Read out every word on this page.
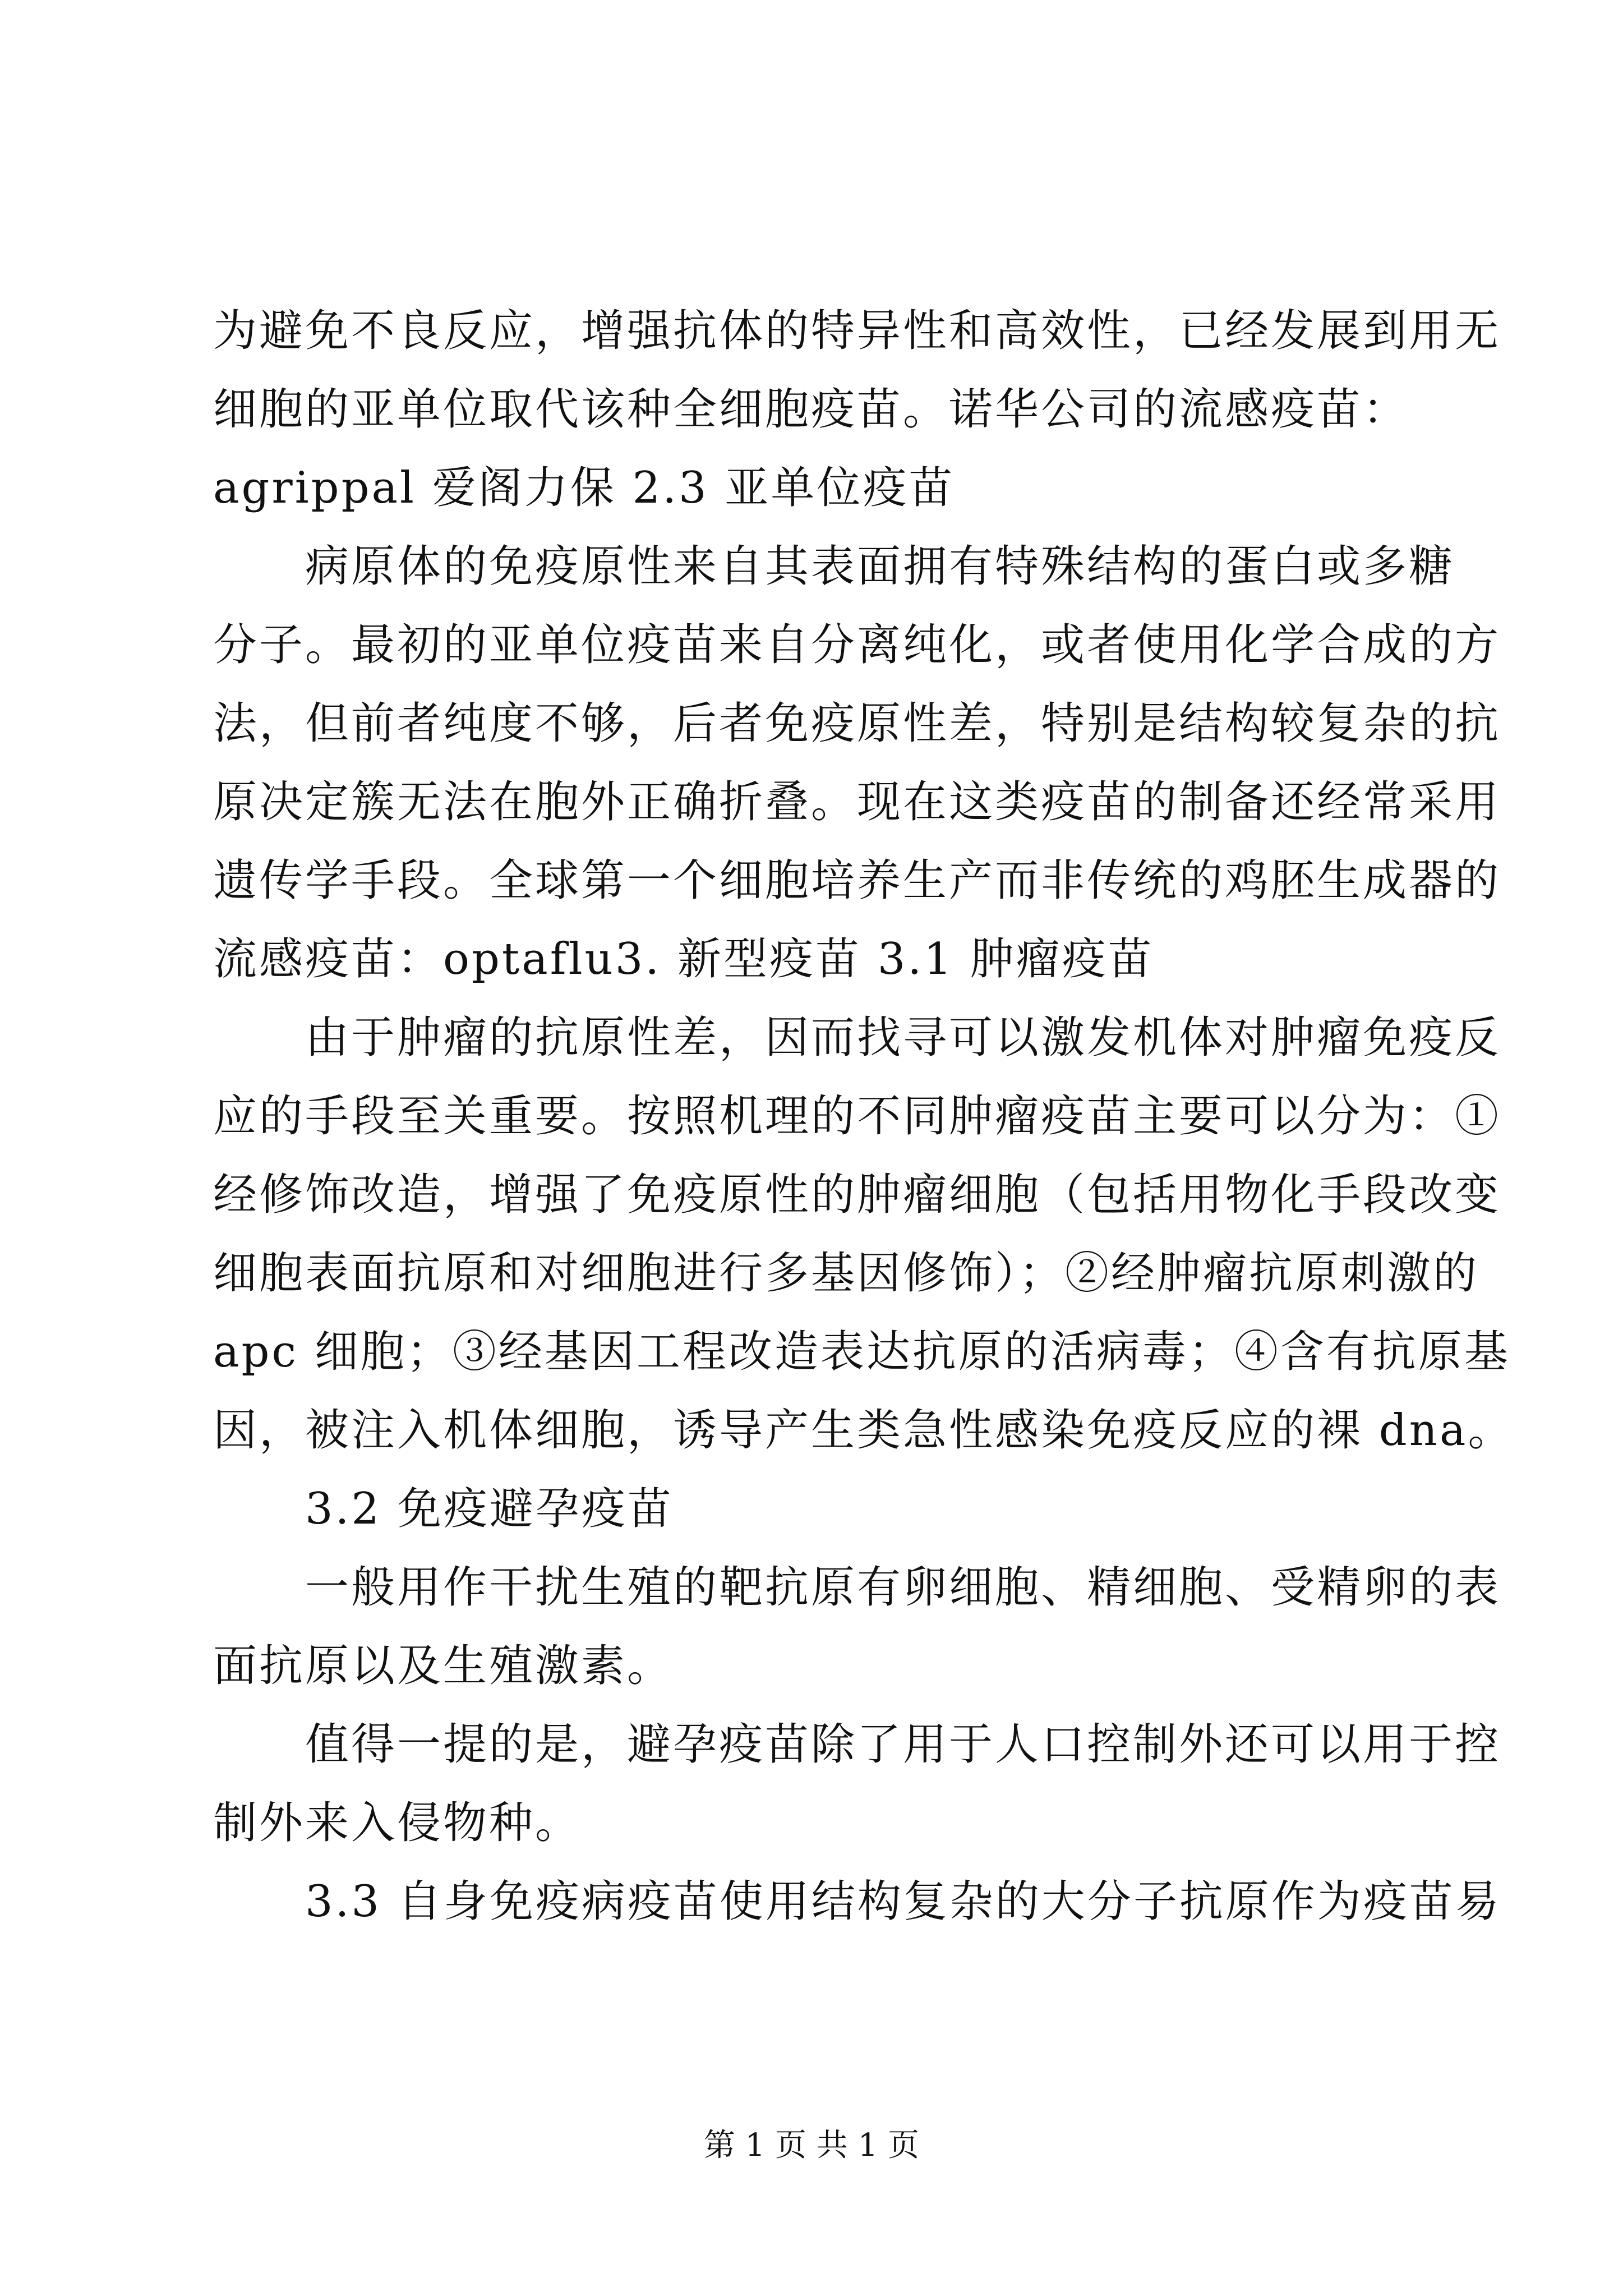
为避免不良反应，增强抗体的特异性和高效性，已经发展到用无
细胞的亚单位取代该种全细胞疫苗。诺华公司的流感疫苗：
agrippal 爱阁力保 2.3 亚单位疫苗
　　病原体的免疫原性来自其表面拥有特殊结构的蛋白或多糖
分子。最初的亚单位疫苗来自分离纯化，或者使用化学合成的方
法，但前者纯度不够，后者免疫原性差，特别是结构较复杂的抗
原决定簇无法在胞外正确折叠。现在这类疫苗的制备还经常采用
遗传学手段。全球第一个细胞培养生产而非传统的鸡胚生成器的
流感疫苗：optaflu3. 新型疫苗 3.1 肿瘤疫苗
　　由于肿瘤的抗原性差，因而找寻可以激发机体对肿瘤免疫反
应的手段至关重要。按照机理的不同肿瘤疫苗主要可以分为：①
经修饰改造，增强了免疫原性的肿瘤细胞（包括用物化手段改变
细胞表面抗原和对细胞进行多基因修饰）；②经肿瘤抗原刺激的
apc 细胞；③经基因工程改造表达抗原的活病毒；④含有抗原基
因，被注入机体细胞，诱导产生类急性感染免疫反应的裸 dna。
　　3.2 免疫避孕疫苗
　　一般用作干扰生殖的靶抗原有卵细胞、精细胞、受精卵的表
面抗原以及生殖激素。
　　值得一提的是，避孕疫苗除了用于人口控制外还可以用于控
制外来入侵物种。
　　3.3 自身免疫病疫苗使用结构复杂的大分子抗原作为疫苗易
第 1 页 共 1 页
